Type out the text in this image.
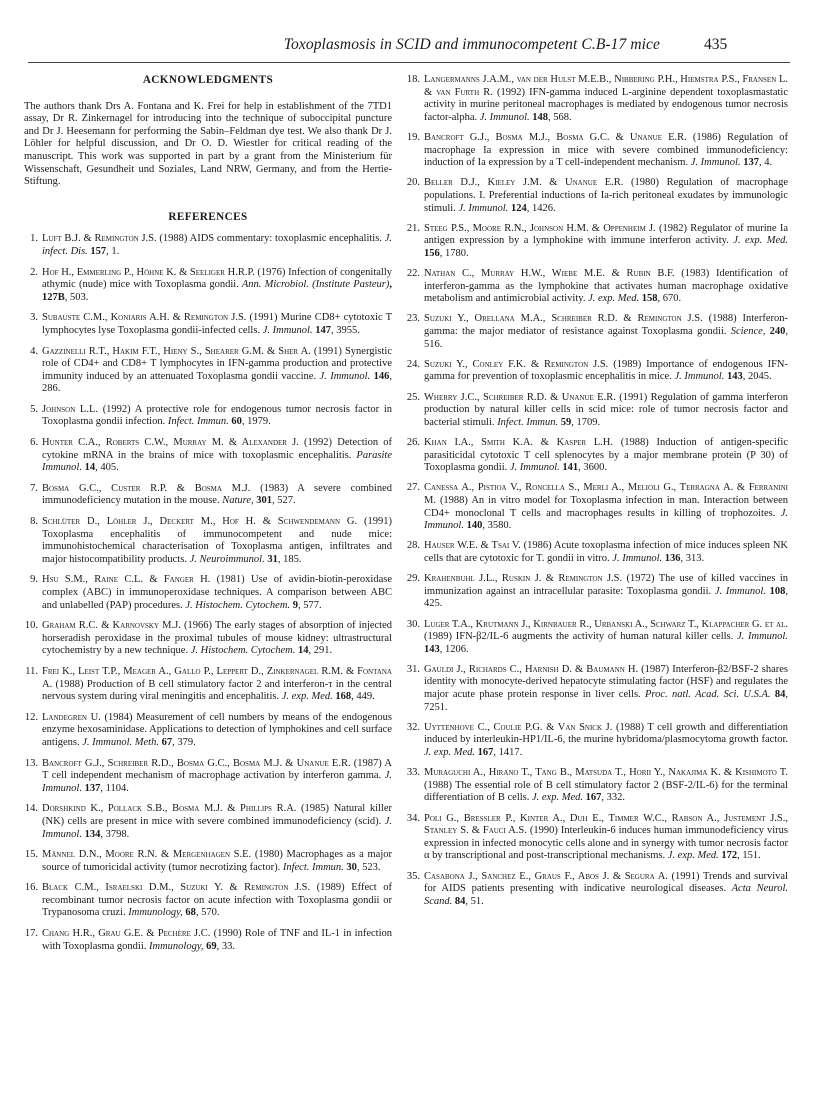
Toxoplasmosis in SCID and immunocompetent C.B-17 mice	435
ACKNOWLEDGMENTS

The authors thank Drs A. Fontana and K. Frei for help in establishment of the 7TD1 assay, Dr R. Zinkernagel for introducing into the technique of suboccipital puncture and Dr J. Heesemann for performing the Sabin–Feldman dye test. We also thank Dr J. Löhler for helpful discussion, and Dr O. D. Wiestler for critical reading of the manuscript. This work was supported in part by a grant from the Ministerium für Wissenschaft, Gesundheit und Soziales, Land NRW, Germany, and from the Hertie-Stiftung.

REFERENCES
1. Luft B.J. & Remington J.S. (1988) AIDS commentary: toxoplasmic encephalitis. J. infect. Dis. 157, 1.
2. Hof H., Emmerling P., Höhne K. & Seeliger H.R.P. (1976) Infection of congenitally athymic (nude) mice with Toxoplasma gondii. Ann. Microbiol. (Institute Pasteur), 127B, 503.
3. Subauste C.M., Koniaris A.H. & Remington J.S. (1991) Murine CD8+ cytotoxic T lymphocytes lyse Toxoplasma gondii-infected cells. J. Immunol. 147, 3955.
4. Gazzinelli R.T., Hakim F.T., Hieny S., Shearer G.M. & Sher A. (1991) Synergistic role of CD4+ and CD8+ T lymphocytes in IFN-gamma production and protective immunity induced by an attenuated Toxoplasma gondii vaccine. J. Immunol. 146, 286.
5. Johnson L.L. (1992) A protective role for endogenous tumor necrosis factor in Toxoplasma gondii infection. Infect. Immun. 60, 1979.
6. Hunter C.A., Roberts C.W., Murray M. & Alexander J. (1992) Detection of cytokine mRNA in the brains of mice with toxoplasmic encephalitis. Parasite Immunol. 14, 405.
7. Bosma G.C., Custer R.P. & Bosma M.J. (1983) A severe combined immunodeficiency mutation in the mouse. Nature, 301, 527.
8. Schlüter D., Löhler J., Deckert M., Hof H. & Schwendemann G. (1991) Toxoplasma encephalitis of immunocompetent and nude mice: immunohistochemical characterisation of Toxoplasma antigen, infiltrates and major histocompatibility products. J. Neuroimmunol. 31, 185.
9. Hsu S.M., Raine C.L. & Fanger H. (1981) Use of avidin-biotin-peroxidase complex (ABC) in immunoperoxidase techniques. A comparison between ABC and unlabelled (PAP) procedures. J. Histochem. Cytochem. 9, 577.
10. Graham R.C. & Karnovsky M.J. (1966) The early stages of absorption of injected horseradish peroxidase in the proximal tubules of mouse kidney: ultrastructural cytochemistry by a new technique. J. Histochem. Cytochem. 14, 291.
11. Frei K., Leist T.P., Meager A., Gallo P., Leppert D., Zinkernagel R.M. & Fontana A. (1988) Production of B cell stimulatory factor 2 and interferon-τ in the central nervous system during viral meningitis and encephalitis. J. exp. Med. 168, 449.
12. Landegren U. (1984) Measurement of cell numbers by means of the endogenous enzyme hexosaminidase. Applications to detection of lymphokines and cell surface antigens. J. Immunol. Meth. 67, 379.
13. Bancroft G.J., Schreiber R.D., Bosma G.C., Bosma M.J. & Unanue E.R. (1987) A T cell independent mechanism of macrophage activation by interferon gamma. J. Immunol. 137, 1104.
14. Dorshkind K., Pollack S.B., Bosma M.J. & Phillips R.A. (1985) Natural killer (NK) cells are present in mice with severe combined immunodeficiency (scid). J. Immunol. 134, 3798.
15. Männel D.N., Moore R.N. & Mergenhagen S.E. (1980) Macrophages as a major source of tumoricidal activity (tumor necrotizing factor). Infect. Immun. 30, 523.
16. Black C.M., Israelski D.M., Suzuki Y. & Remington J.S. (1989) Effect of recombinant tumor necrosis factor on acute infection with Toxoplasma gondii or Trypanosoma cruzi. Immunology, 68, 570.
17. Chang H.R., Grau G.E. & Pechère J.C. (1990) Role of TNF and IL-1 in infection with Toxoplasma gondii. Immunology, 69, 33.
18. Langermanns J.A.M., van der Hulst M.E.B., Nibbering P.H., Hiemstra P.S., Fransen L. & van Furth R. (1992) IFN-gamma induced L-arginine dependent toxoplasmastatic activity in murine peritoneal macrophages is mediated by endogenous tumor necrosis factor-alpha. J. Immunol. 148, 568.
19. Bancroft G.J., Bosma M.J., Bosma G.C. & Unanue E.R. (1986) Regulation of macrophage Ia expression in mice with severe combined immunodeficiency: induction of Ia expression by a T cell-independent mechanism. J. Immunol. 137, 4.
20. Beller D.J., Kieley J.M. & Unanue E.R. (1980) Regulation of macrophage populations. I. Preferential inductions of Ia-rich peritoneal exudates by immunologic stimuli. J. Immunol. 124, 1426.
21. Steeg P.S., Moore R.N., Johnson H.M. & Oppenheim J. (1982) Regulator of murine Ia antigen expression by a lymphokine with immune interferon activity. J. exp. Med. 156, 1780.
22. Nathan C., Murray H.W., Wiebe M.E. & Rubin B.F. (1983) Identification of interferon-gamma as the lymphokine that activates human macrophage oxidative metabolism and antimicrobial activity. J. exp. Med. 158, 670.
23. Suzuki Y., Orellana M.A., Schreiber R.D. & Remington J.S. (1988) Interferon-gamma: the major mediator of resistance against Toxoplasma gondii. Science, 240, 516.
24. Suzuki Y., Conley F.K. & Remington J.S. (1989) Importance of endogenous IFN-gamma for prevention of toxoplasmic encephalitis in mice. J. Immunol. 143, 2045.
25. Wherry J.C., Schreiber R.D. & Unanue E.R. (1991) Regulation of gamma interferon production by natural killer cells in scid mice: role of tumor necrosis factor and bacterial stimuli. Infect. Immun. 59, 1709.
26. Khan I.A., Smith K.A. & Kasper L.H. (1988) Induction of antigen-specific parasiticidal cytotoxic T cell splenocytes by a major membrane protein (P 30) of Toxoplasma gondii. J. Immunol. 141, 3600.
27. Canessa A., Pistioa V., Roncella S., Merli A., Melioli G., Terragna A. & Ferranini M. (1988) An in vitro model for Toxoplasma infection in man. Interaction between CD4+ monoclonal T cells and macrophages results in killing of trophozoites. J. Immunol. 140, 3580.
28. Hauser W.E. & Tsai V. (1986) Acute toxoplasma infection of mice induces spleen NK cells that are cytotoxic for T. gondii in vitro. J. Immunol. 136, 313.
29. Krahenbuhl J.L., Ruskin J. & Remington J.S. (1972) The use of killed vaccines in immunization against an intracellular parasite: Toxoplasma gondii. J. Immunol. 108, 425.
30. Luger T.A., Krutmann J., Kirnbauer R., Urbanski A., Schwarz T., Klappacher G. et al. (1989) IFN-β2/IL-6 augments the activity of human natural killer cells. J. Immunol. 143, 1206.
31. Gauldi J., Richards C., Harnish D. & Baumann H. (1987) Interferon-β2/BSF-2 shares identity with monocyte-derived hepatocyte stimulating factor (HSF) and regulates the major acute phase protein response in liver cells. Proc. natl. Acad. Sci. U.S.A. 84, 7251.
32. Uyttenhove C., Coulie P.G. & Van Snick J. (1988) T cell growth and differentiation induced by interleukin-HP1/IL-6, the murine hybridoma/plasmocytoma growth factor. J. exp. Med. 167, 1417.
33. Muraguchi A., Hirano T., Tang B., Matsuda T., Horii Y., Nakajima K. & Kishimoto T. (1988) The essential role of B cell stimulatory factor 2 (BSF-2/IL-6) for the terminal differentiation of B cells. J. exp. Med. 167, 332.
34. Poli G., Bressler P., Kinter A., Duh E., Timmer W.C., Rabson A., Justement J.S., Stanley S. & Fauci A.S. (1990) Interleukin-6 induces human immunodeficiency virus expression in infected monocytic cells alone and in synergy with tumor necrosis factor α by transcriptional and post-transcriptional mechanisms. J. exp. Med. 172, 151.
35. Casabona J., Sanchez E., Graus F., Abos J. & Segura A. (1991) Trends and survival for AIDS patients presenting with indicative neurological diseases. Acta Neurol. Scand. 84, 51.
